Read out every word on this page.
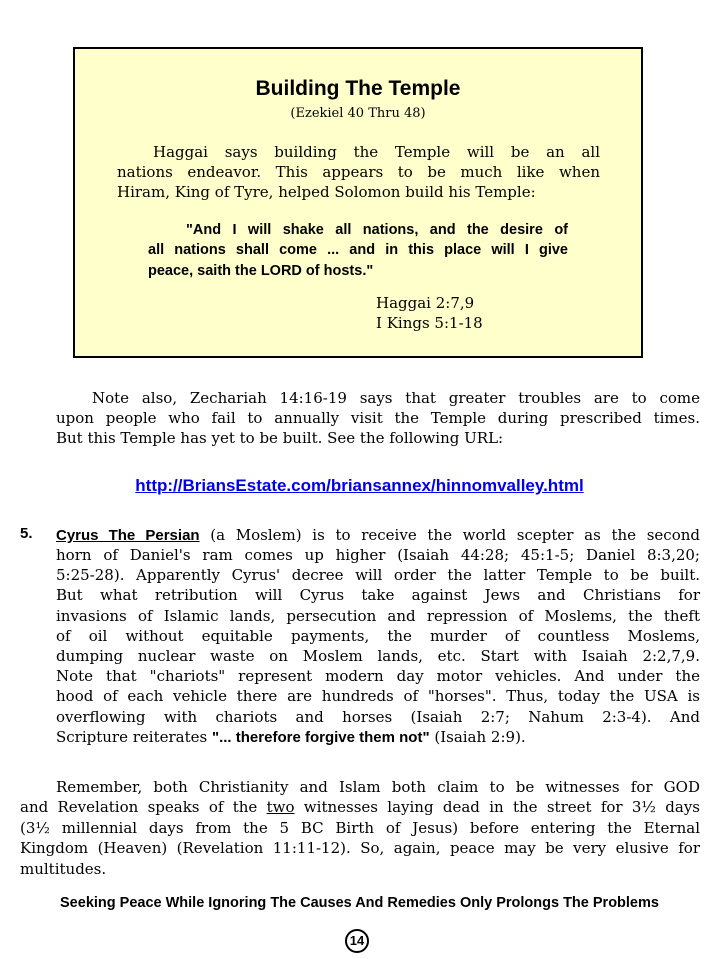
Building The Temple
(Ezekiel 40 Thru 48)
Haggai says building the Temple will be an all
nations endeavor. This appears to be much like when
Hiram, King of Tyre, helped Solomon build his Temple:
"And I will shake all nations, and the desire of
all nations shall come ... and in this place will I give
peace, saith the LORD of hosts."
Haggai 2:7,9
I Kings 5:1-18
Note also, Zechariah 14:16-19 says that greater troubles are to come
upon people who fail to annually visit the Temple during prescribed times.
But this Temple has yet to be built. See the following URL:
http://BriansEstate.com/briansannex/hinnomvalley.html
5. Cyrus The Persian (a Moslem) is to receive the world scepter as the second
horn of Daniel's ram comes up higher (Isaiah 44:28; 45:1-5; Daniel 8:3,20;
5:25-28). Apparently Cyrus' decree will order the latter Temple to be built.
But what retribution will Cyrus take against Jews and Christians for
invasions of Islamic lands, persecution and repression of Moslems, the theft
of oil without equitable payments, the murder of countless Moslems,
dumping nuclear waste on Moslem lands, etc. Start with Isaiah 2:2,7,9.
Note that "chariots" represent modern day motor vehicles. And under the
hood of each vehicle there are hundreds of "horses". Thus, today the USA is
overflowing with chariots and horses (Isaiah 2:7; Nahum 2:3-4). And
Scripture reiterates "... therefore forgive them not" (Isaiah 2:9).
Remember, both Christianity and Islam both claim to be witnesses for GOD
and Revelation speaks of the two witnesses laying dead in the street for 3½ days
(3½ millennial days from the 5 BC Birth of Jesus) before entering the Eternal
Kingdom (Heaven) (Revelation 11:11-12). So, again, peace may be very elusive for
multitudes.
Seeking Peace While Ignoring The Causes And Remedies Only Prolongs The Problems
14
